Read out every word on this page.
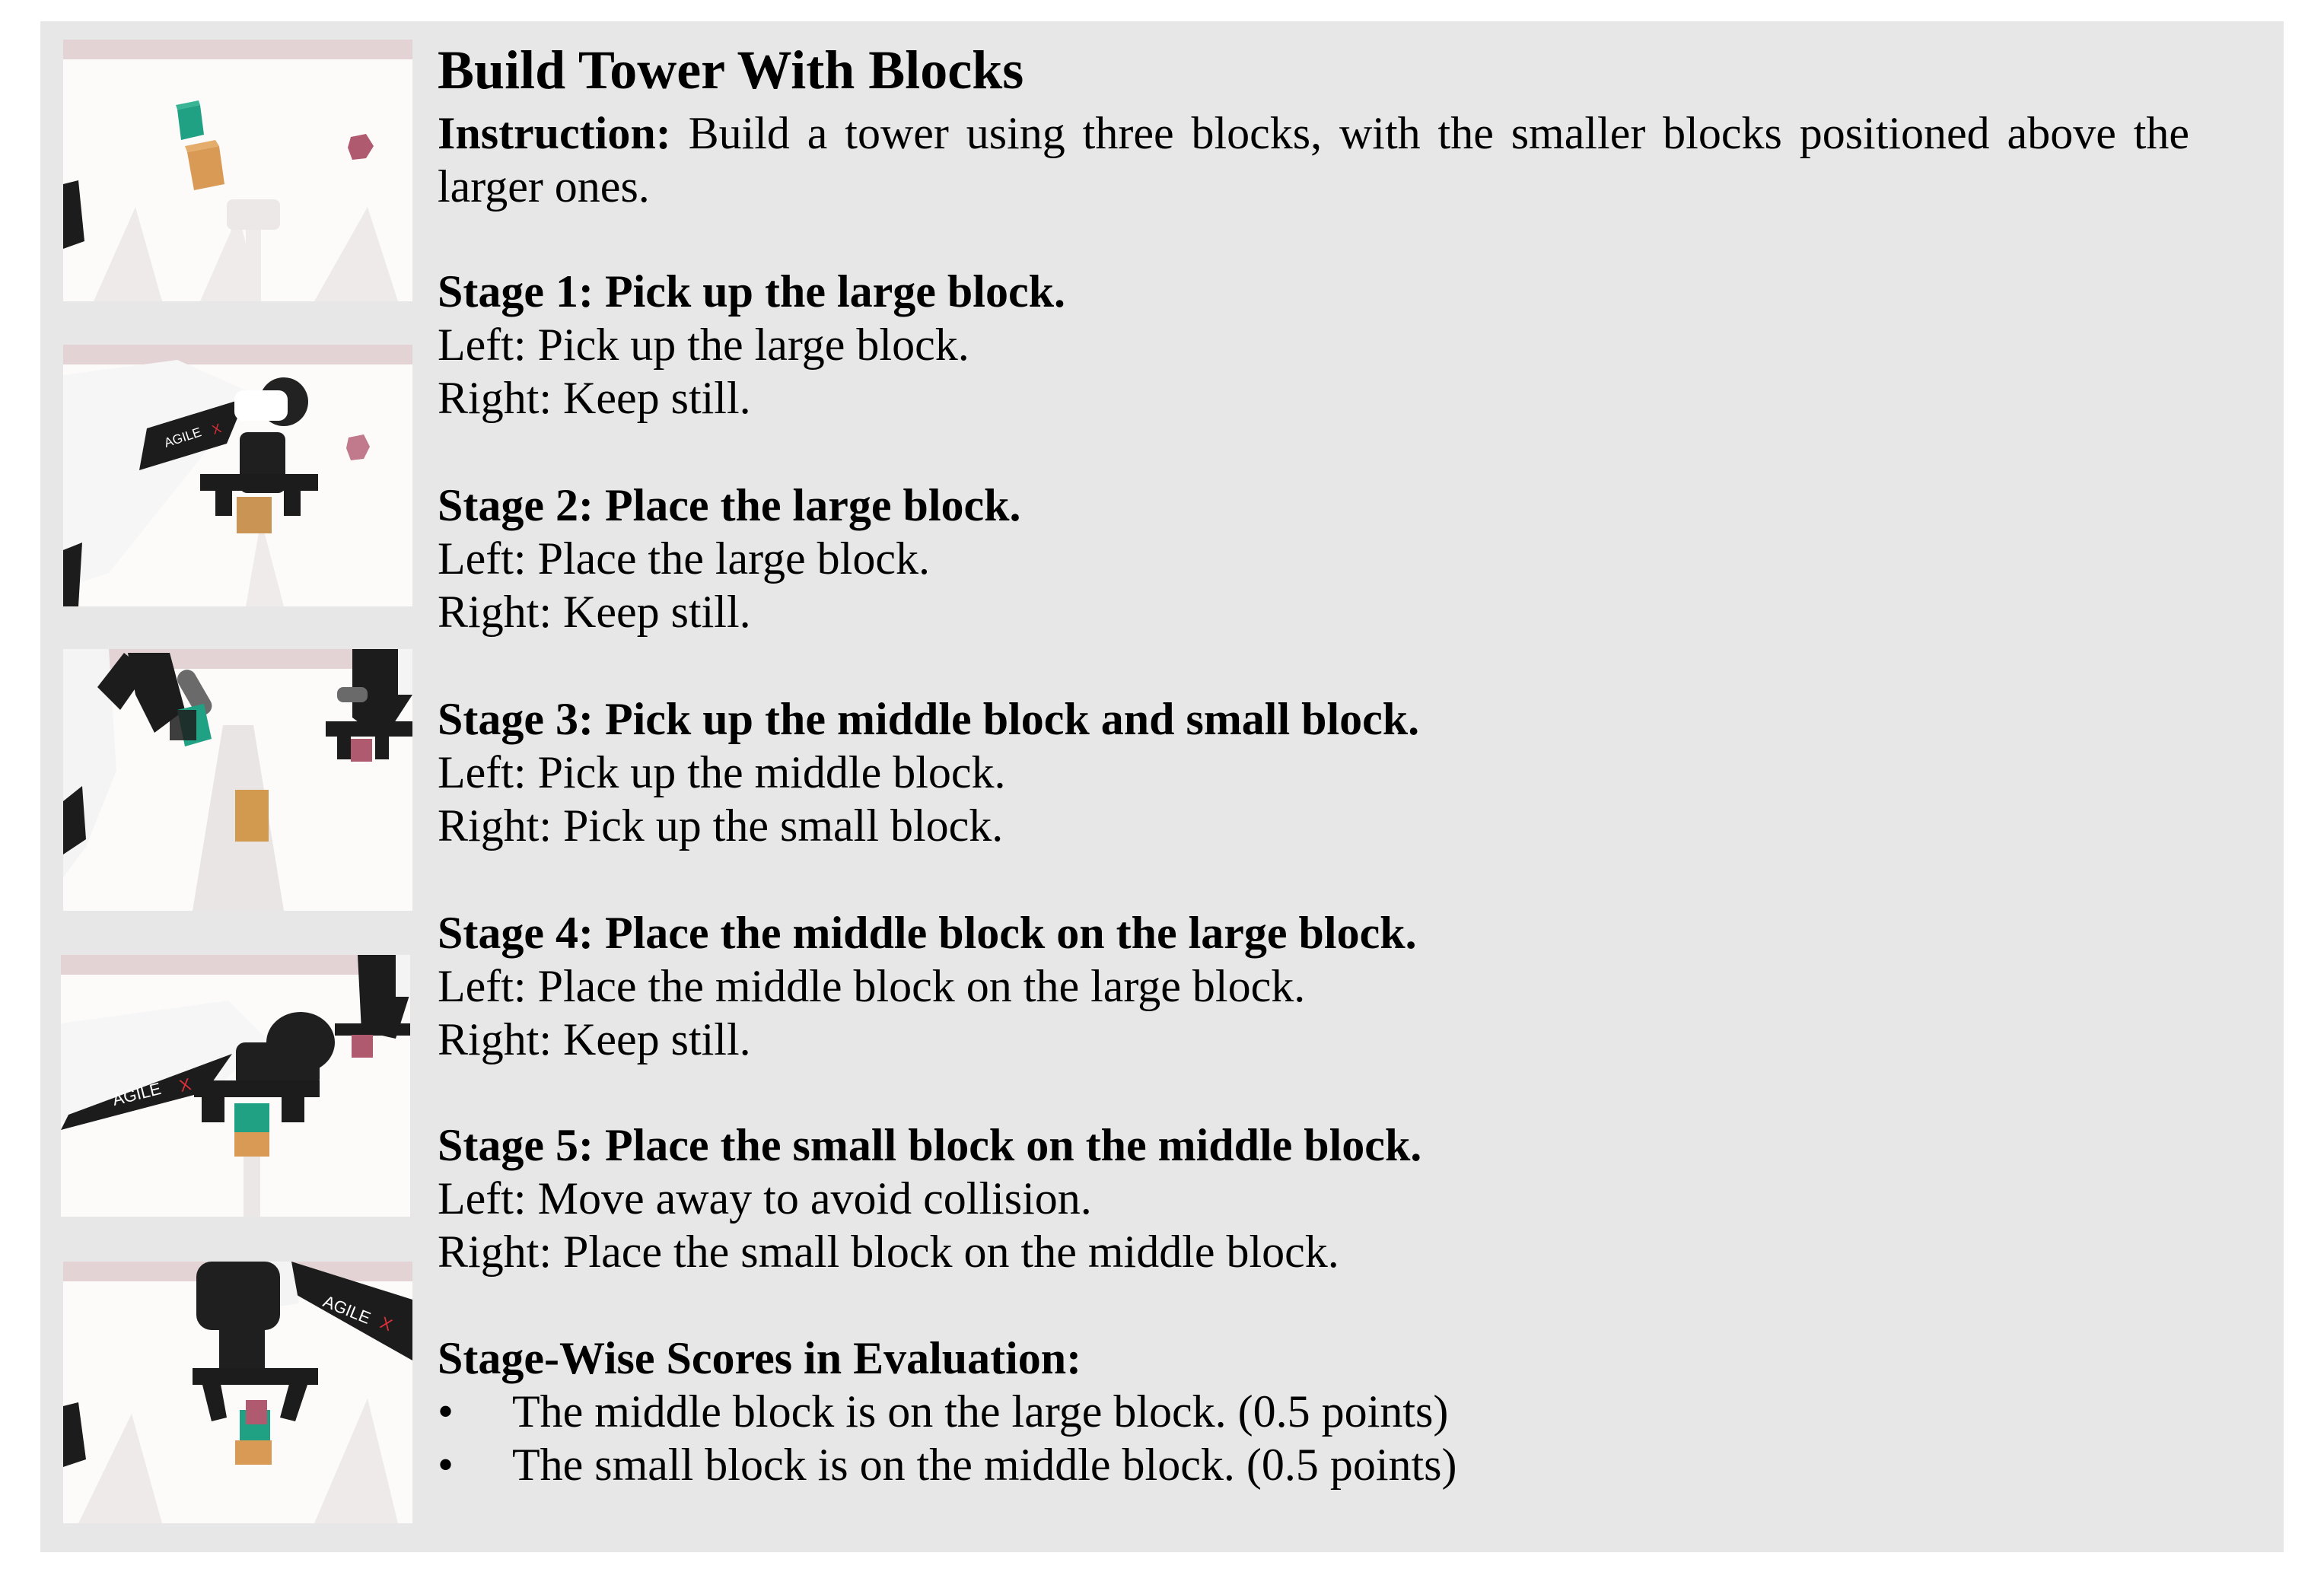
AGILE X
AGILE X
AGILE X
Build Tower With Blocks
Instruction: Build a tower using three blocks, with the smaller blocks positioned above the larger ones.
Stage 1: Pick up the large block.
Left: Pick up the large block.
Right: Keep still.
Stage 2: Place the large block.
Left: Place the large block.
Right: Keep still.
Stage 3: Pick up the middle block and small block.
Left: Pick up the middle block.
Right: Pick up the small block.
Stage 4: Place the middle block on the large block.
Left: Place the middle block on the large block.
Right: Keep still.
Stage 5: Place the small block on the middle block.
Left: Move away to avoid collision.
Right: Place the small block on the middle block.
Stage-Wise Scores in Evaluation:
• The middle block is on the large block. (0.5 points)
• The small block is on the middle block. (0.5 points)
